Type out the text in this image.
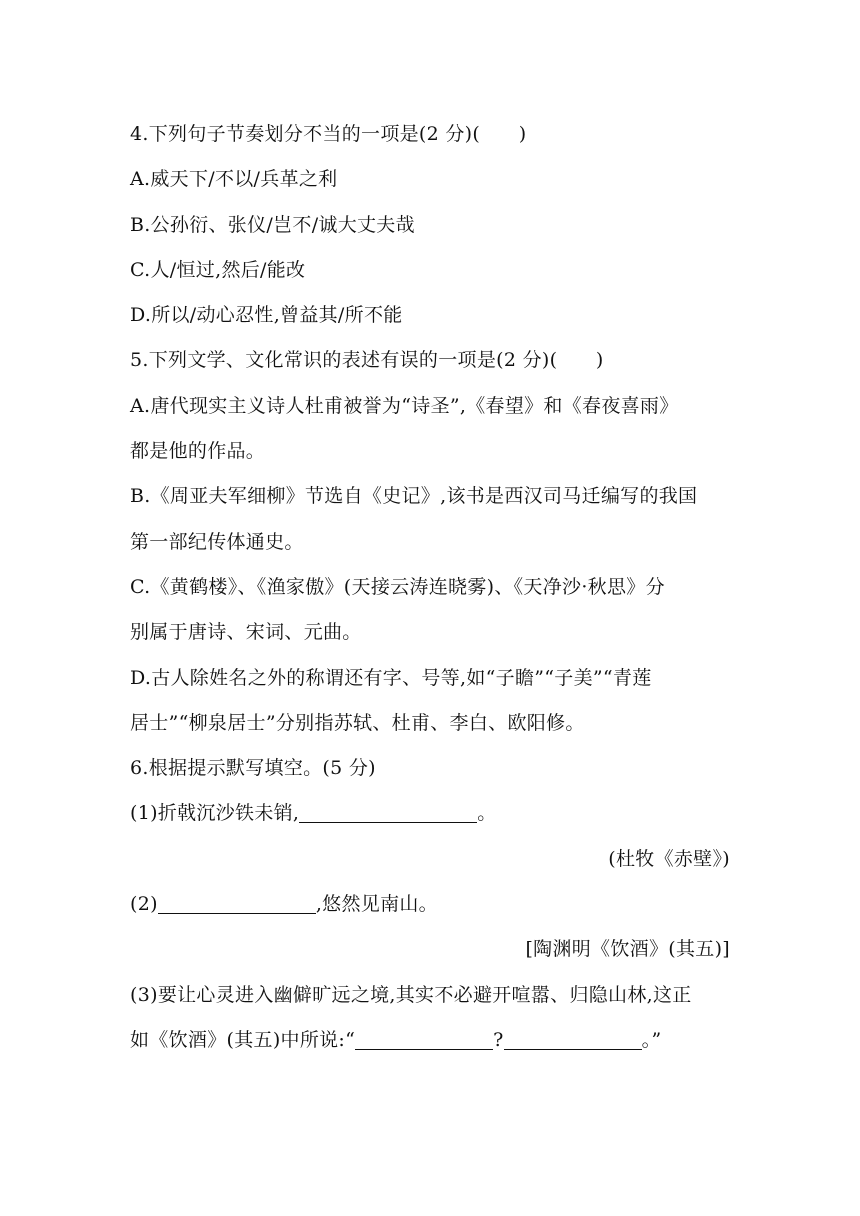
4.下列句子节奏划分不当的一项是(2 分)(　　)
A.威天下/不以/兵革之利
B.公孙衍、张仪/岂不/诚大丈夫哉
C.人/恒过,然后/能改
D.所以/动心忍性,曾益其/所不能
5.下列文学、文化常识的表述有误的一项是(2 分)(　　)
A.唐代现实主义诗人杜甫被誉为“诗圣”,《春望》和《春夜喜雨》
都是他的作品。
B.《周亚夫军细柳》节选自《史记》,该书是西汉司马迁编写的我国
第一部纪传体通史。
C.《黄鹤楼》、《渔家傲》(天接云涛连晓雾)、《天净沙·秋思》分
别属于唐诗、宋词、元曲。
D.古人除姓名之外的称谓还有字、号等,如“子瞻”“子美”“青莲
居士”“柳泉居士”分别指苏轼、杜甫、李白、欧阳修。
6.根据提示默写填空。(5 分)
(1)折戟沉沙铁未销,	。
(杜牧《赤壁》)
(2)	,悠然见南山。
[陶渊明《饮酒》(其五)]
(3)要让心灵进入幽僻旷远之境,其实不必避开喧嚣、归隐山林,这正
如《饮酒》(其五)中所说:“	?	。”
